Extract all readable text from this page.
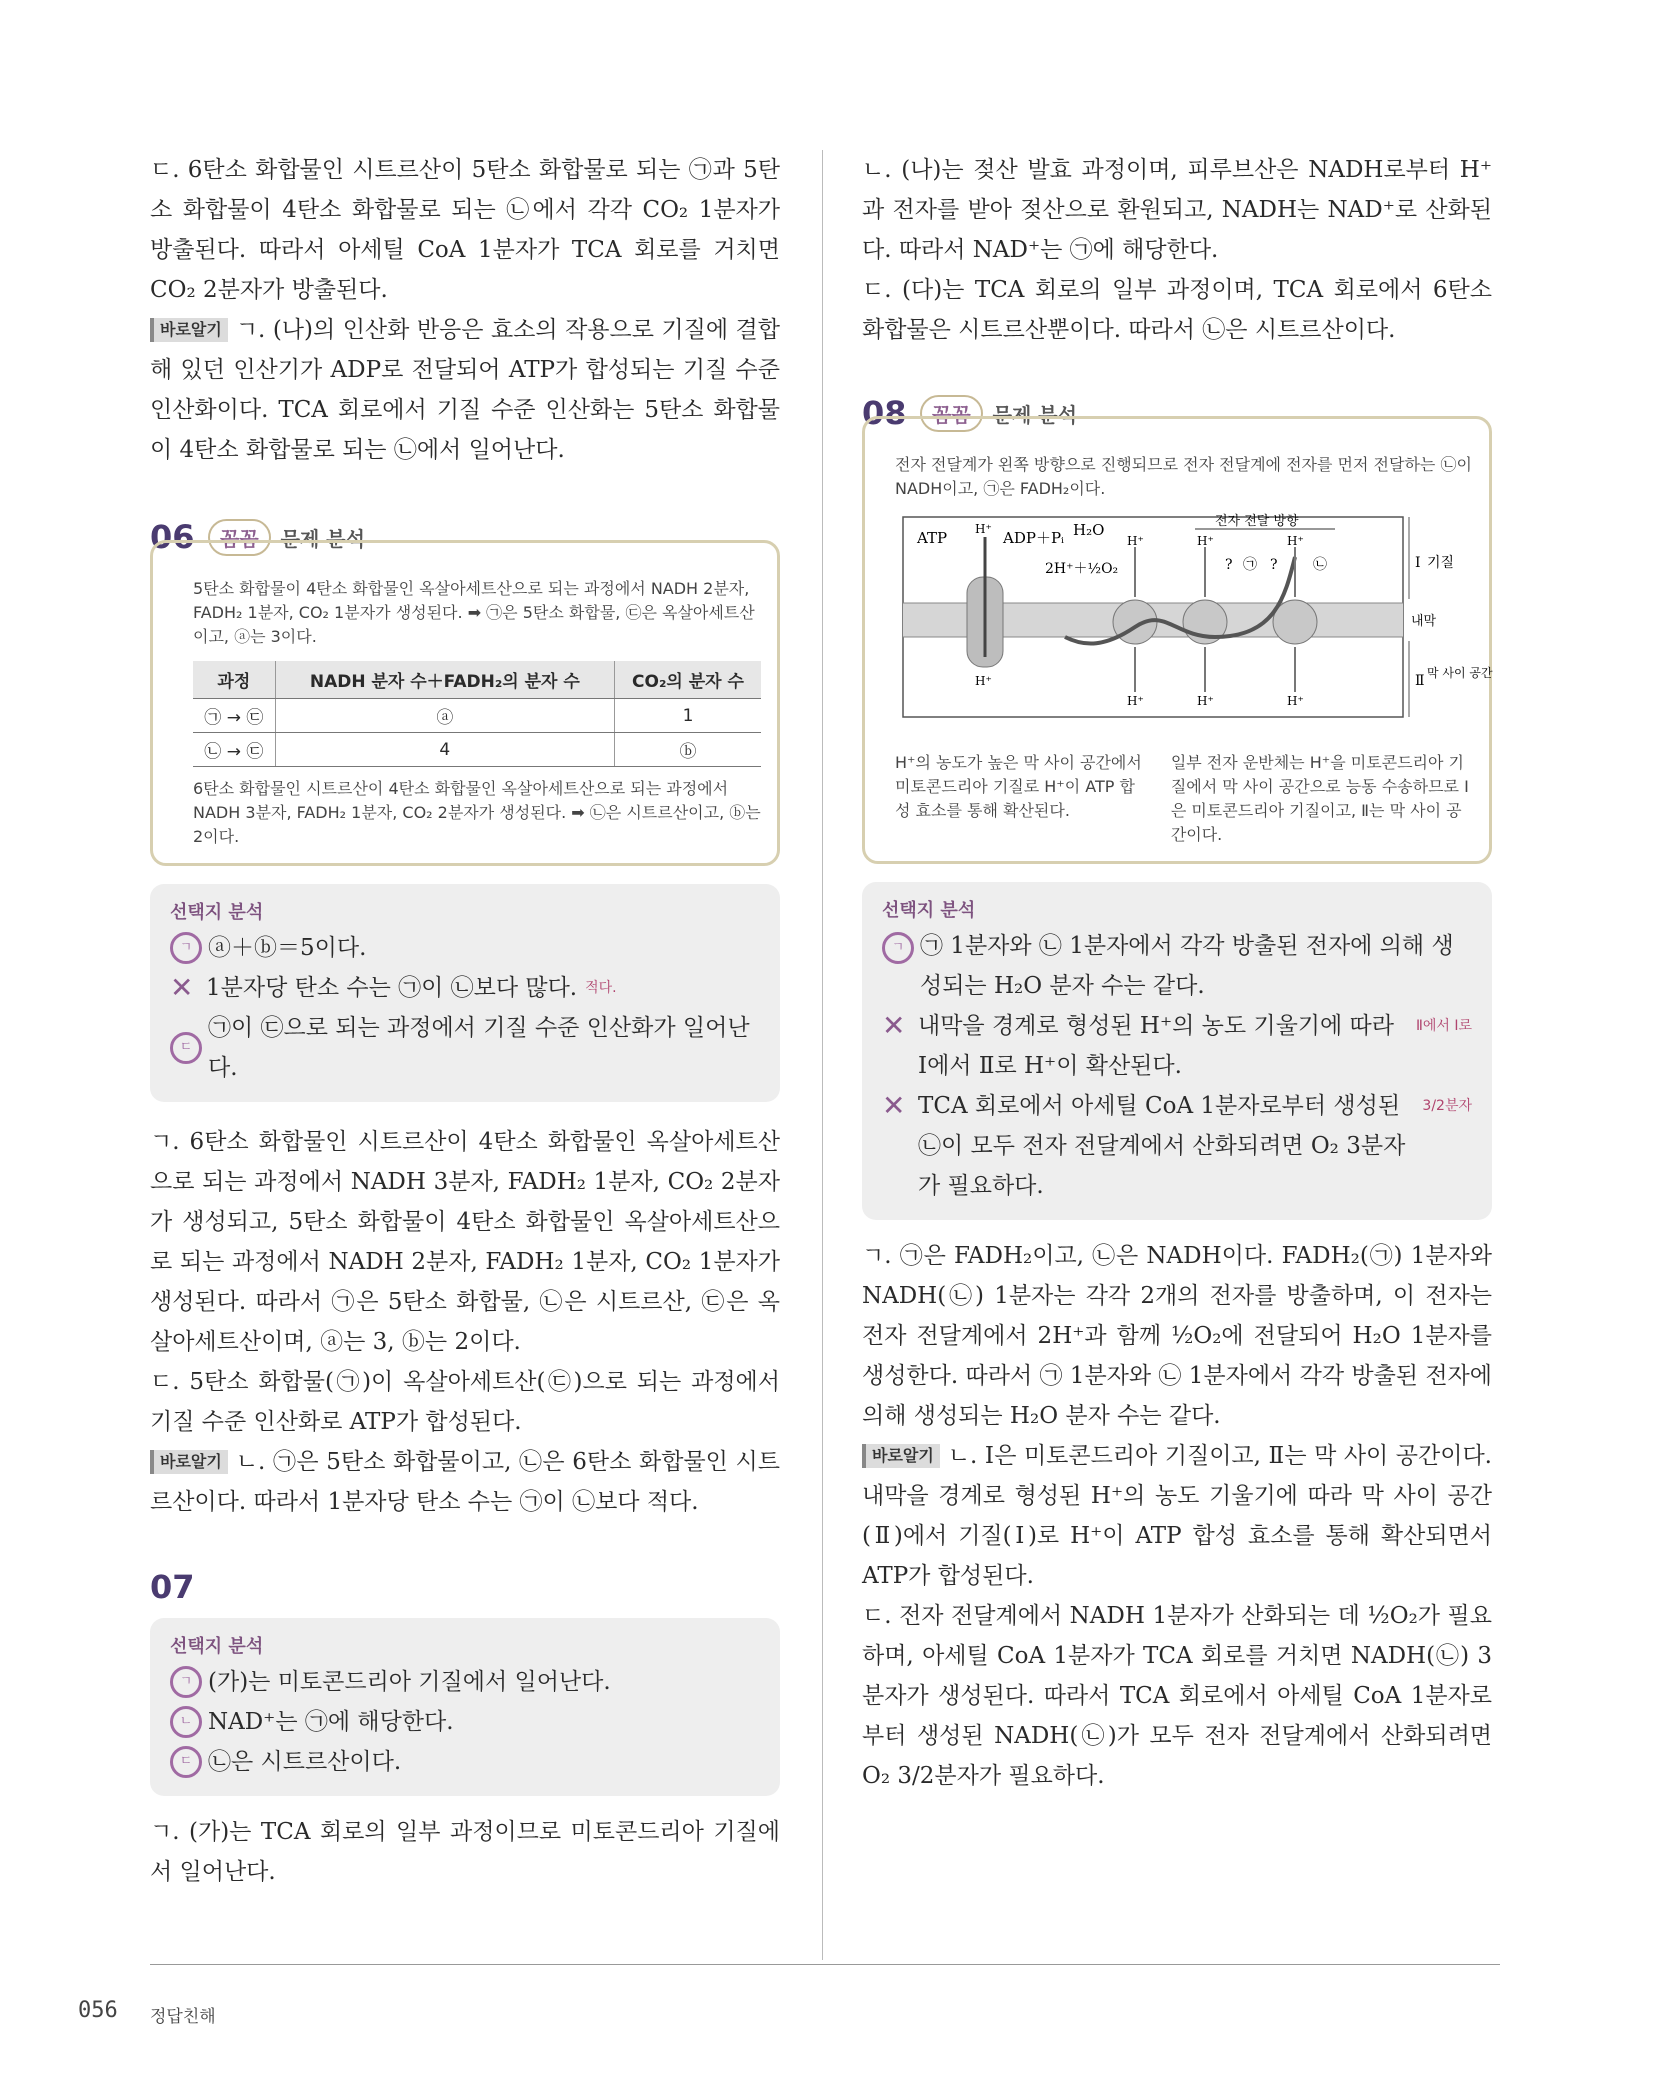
ㄷ. 6탄소 화합물인 시트르산이 5탄소 화합물로 되는 ㉠과 5탄소 화합물이 4탄소 화합물로 되는 ㉡에서 각각 CO₂ 1분자가 방출된다. 따라서 아세틸 CoA 1분자가 TCA 회로를 거치면 CO₂ 2분자가 방출된다.

바로알기 ㄱ. (나)의 인산화 반응은 효소의 작용으로 기질에 결합해 있던 인산기가 ADP로 전달되어 ATP가 합성되는 기질 수준 인산화이다. TCA 회로에서 기질 수준 인산화는 5탄소 화합물이 4탄소 화합물로 되는 ㉡에서 일어난다.

06	꼼꼼	문제 분석
5탄소 화합물이 4탄소 화합물인 옥살아세트산으로 되는 과정에서 NADH 2분자, FADH₂ 1분자, CO₂ 1분자가 생성된다. ➡ ㉠은 5탄소 화합물, ㉢은 옥살아세트산이고, ⓐ는 3이다.
과정	NADH 분자 수＋FADH₂의 분자 수	CO₂의 분자 수
㉠ → ㉢	ⓐ	1
㉡ → ㉢	4	ⓑ
6탄소 화합물인 시트르산이 4탄소 화합물인 옥살아세트산으로 되는 과정에서 NADH 3분자, FADH₂ 1분자, CO₂ 2분자가 생성된다. ➡ ㉡은 시트르산이고, ⓑ는 2이다.
선택지 분석
ㄱ ⓐ＋ⓑ＝5이다.
✕ 1분자당 탄소 수는 ㉠이 ㉡보다 많다. 적다.
ㄷ
㉠이 ㉢으로 되는 과정에서 기질 수준 인산화가 일어난다.

ㄱ. 6탄소 화합물인 시트르산이 4탄소 화합물인 옥살아세트산으로 되는 과정에서 NADH 3분자, FADH₂ 1분자, CO₂ 2분자가 생성되고, 5탄소 화합물이 4탄소 화합물인 옥살아세트산으로 되는 과정에서 NADH 2분자, FADH₂ 1분자, CO₂ 1분자가 생성된다. 따라서 ㉠은 5탄소 화합물, ㉡은 시트르산, ㉢은 옥살아세트산이며, ⓐ는 3, ⓑ는 2이다.

ㄷ. 5탄소 화합물(㉠)이 옥살아세트산(㉢)으로 되는 과정에서 기질 수준 인산화로 ATP가 합성된다.

바로알기 ㄴ. ㉠은 5탄소 화합물이고, ㉡은 6탄소 화합물인 시트르산이다. 따라서 1분자당 탄소 수는 ㉠이 ㉡보다 적다.

07
선택지 분석
ㄱ (가)는 미토콘드리아 기질에서 일어난다.
ㄴ NAD⁺는 ㉠에 해당한다.
ㄷ ㉡은 시트르산이다.

ㄱ. (가)는 TCA 회로의 일부 과정이므로 미토콘드리아 기질에서 일어난다.

ㄴ. (나)는 젖산 발효 과정이며, 피루브산은 NADH로부터 H⁺과 전자를 받아 젖산으로 환원되고, NADH는 NAD⁺로 산화된다. 따라서 NAD⁺는 ㉠에 해당한다.

ㄷ. (다)는 TCA 회로의 일부 과정이며, TCA 회로에서 6탄소 화합물은 시트르산뿐이다. 따라서 ㉡은 시트르산이다.

08	꼼꼼	문제 분석
전자 전달계가 왼쪽 방향으로 진행되므로 전자 전달계에 전자를 먼저 전달하는 ㉡이 NADH이고, ㉠은 FADH₂이다.
ATP	ADP＋Pᵢ H₂O
2H⁺＋½O₂
H⁺
H⁺
H⁺	H⁺	H⁺
H⁺	H⁺	H⁺
전자 전달 방향
?	?
㉠	㉡	Ⅰ 기질
내막
Ⅱ 막 사이 공간
H⁺의 농도가 높은 막 사이 공간에서 미토콘드리아 기질로 H⁺이 ATP 합성 효소를 통해 확산된다.
일부 전자 운반체는 H⁺을 미토콘드리아 기질에서 막 사이 공간으로 능동 수송하므로 Ⅰ은 미토콘드리아 기질이고, Ⅱ는 막 사이 공간이다.
선택지 분석
ㄱ ㉠ 1분자와 ㉡ 1분자에서 각각 방출된 전자에 의해 생성되는 H₂O 분자 수는 같다.
✕ 내막을 경계로 형성된 H⁺의 농도 기울기에 따라 Ⅰ에서 Ⅱ로 H⁺이 확산된다.
Ⅱ에서 Ⅰ로
✕ TCA 회로에서 아세틸 CoA 1분자로부터 생성된 ㉡이 모두 전자 전달계에서 산화되려면 O₂ 3분자가 필요하다.
3/2분자

ㄱ. ㉠은 FADH₂이고, ㉡은 NADH이다. FADH₂(㉠) 1분자와 NADH(㉡) 1분자는 각각 2개의 전자를 방출하며, 이 전자는 전자 전달계에서 2H⁺과 함께 ½O₂에 전달되어 H₂O 1분자를 생성한다. 따라서 ㉠ 1분자와 ㉡ 1분자에서 각각 방출된 전자에 의해 생성되는 H₂O 분자 수는 같다.

바로알기 ㄴ. Ⅰ은 미토콘드리아 기질이고, Ⅱ는 막 사이 공간이다. 내막을 경계로 형성된 H⁺의 농도 기울기에 따라 막 사이 공간(Ⅱ)에서 기질(Ⅰ)로 H⁺이 ATP 합성 효소를 통해 확산되면서 ATP가 합성된다.

ㄷ. 전자 전달계에서 NADH 1분자가 산화되는 데 ½O₂가 필요하며, 아세틸 CoA 1분자가 TCA 회로를 거치면 NADH(㉡) 3분자가 생성된다. 따라서 TCA 회로에서 아세틸 CoA 1분자로부터 생성된 NADH(㉡)가 모두 전자 전달계에서 산화되려면 O₂ 3/2분자가 필요하다.

056 정답친해
